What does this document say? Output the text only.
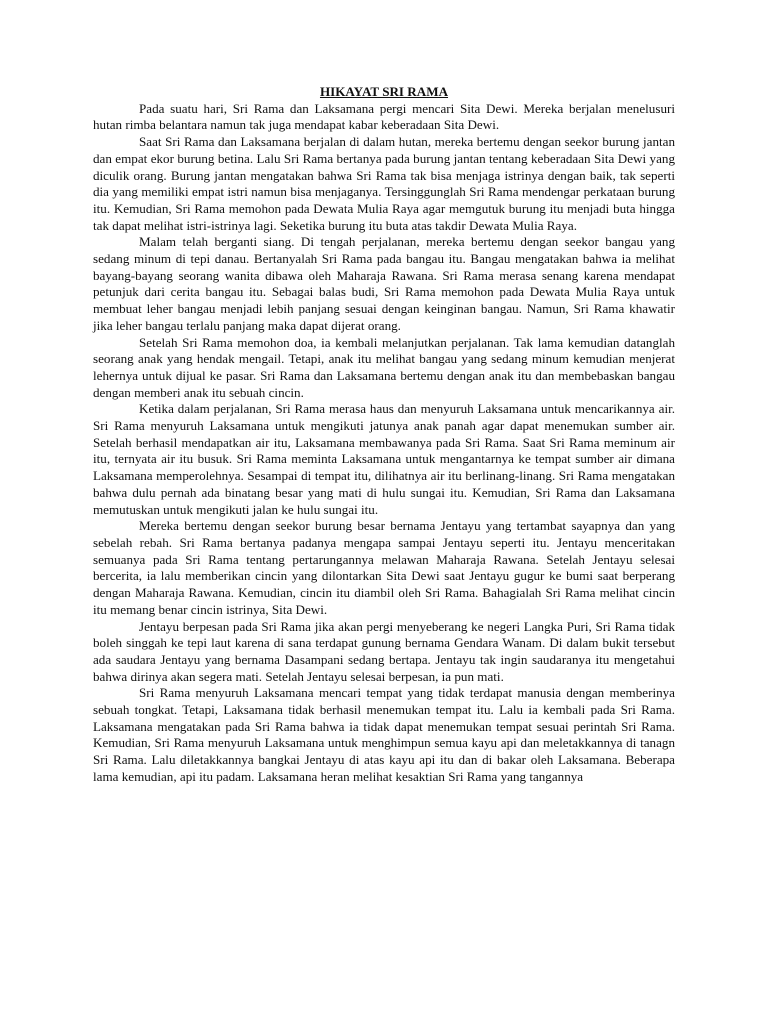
HIKAYAT SRI RAMA

Pada suatu hari, Sri Rama dan Laksamana pergi mencari Sita Dewi. Mereka berjalan menelusuri hutan rimba belantara namun tak juga mendapat kabar keberadaan Sita Dewi.

Saat Sri Rama dan Laksamana berjalan di dalam hutan, mereka bertemu dengan seekor burung jantan dan empat ekor burung betina. Lalu Sri Rama bertanya pada burung jantan tentang keberadaan Sita Dewi yang diculik orang. Burung jantan mengatakan bahwa Sri Rama tak bisa menjaga istrinya dengan baik, tak seperti dia yang memiliki empat istri namun bisa menjaganya. Tersinggunglah Sri Rama mendengar perkataan burung itu. Kemudian, Sri Rama memohon pada Dewata Mulia Raya agar memgutuk burung itu menjadi buta hingga tak dapat melihat istri-istrinya lagi. Seketika burung itu buta atas takdir Dewata Mulia Raya.

Malam telah berganti siang. Di tengah perjalanan, mereka bertemu dengan seekor bangau yang sedang minum di tepi danau. Bertanyalah Sri Rama pada bangau itu. Bangau mengatakan bahwa ia melihat bayang-bayang seorang wanita dibawa oleh Maharaja Rawana. Sri Rama merasa senang karena mendapat petunjuk dari cerita bangau itu. Sebagai balas budi, Sri Rama memohon pada Dewata Mulia Raya untuk membuat leher bangau menjadi lebih panjang sesuai dengan keinginan bangau. Namun, Sri Rama khawatir jika leher bangau terlalu panjang maka dapat dijerat orang.

Setelah Sri Rama memohon doa, ia kembali melanjutkan perjalanan. Tak lama kemudian datanglah seorang anak yang hendak mengail. Tetapi, anak itu melihat bangau yang sedang minum kemudian menjerat lehernya untuk dijual ke pasar. Sri Rama dan Laksamana bertemu dengan anak itu dan membebaskan bangau dengan memberi anak itu sebuah cincin.

Ketika dalam perjalanan, Sri Rama merasa haus dan menyuruh Laksamana untuk mencarikannya air. Sri Rama menyuruh Laksamana untuk mengikuti jatunya anak panah agar dapat menemukan sumber air. Setelah berhasil mendapatkan air itu, Laksamana membawanya pada Sri Rama. Saat Sri Rama meminum air itu, ternyata air itu busuk. Sri Rama meminta Laksamana untuk mengantarnya ke tempat sumber air dimana Laksamana memperolehnya. Sesampai di tempat itu, dilihatnya air itu berlinang-linang. Sri Rama mengatakan bahwa dulu pernah ada binatang besar yang mati di hulu sungai itu. Kemudian, Sri Rama dan Laksamana memutuskan untuk mengikuti jalan ke hulu sungai itu.

Mereka bertemu dengan seekor burung besar bernama Jentayu yang tertambat sayapnya dan yang sebelah rebah. Sri Rama bertanya padanya mengapa sampai Jentayu seperti itu. Jentayu menceritakan semuanya pada Sri Rama tentang pertarungannya melawan Maharaja Rawana. Setelah Jentayu selesai bercerita, ia lalu memberikan cincin yang dilontarkan Sita Dewi saat Jentayu gugur ke bumi saat berperang dengan Maharaja Rawana. Kemudian, cincin itu diambil oleh Sri Rama. Bahagialah Sri Rama melihat cincin itu memang benar cincin istrinya, Sita Dewi.

Jentayu berpesan pada Sri Rama jika akan pergi menyeberang ke negeri Langka Puri, Sri Rama tidak boleh singgah ke tepi laut karena di sana terdapat gunung bernama Gendara Wanam. Di dalam bukit tersebut ada saudara Jentayu yang bernama Dasampani sedang bertapa. Jentayu tak ingin saudaranya itu mengetahui bahwa dirinya akan segera mati. Setelah Jentayu selesai berpesan, ia pun mati.

Sri Rama menyuruh Laksamana mencari tempat yang tidak terdapat manusia dengan memberinya sebuah tongkat. Tetapi, Laksamana tidak berhasil menemukan tempat itu. Lalu ia kembali pada Sri Rama. Laksamana mengatakan pada Sri Rama bahwa ia tidak dapat menemukan tempat sesuai perintah Sri Rama. Kemudian, Sri Rama menyuruh Laksamana untuk menghimpun semua kayu api dan meletakkannya di tanagn Sri Rama. Lalu diletakkannya bangkai Jentayu di atas kayu api itu dan di bakar oleh Laksamana. Beberapa lama kemudian, api itu padam. Laksamana heran melihat kesaktian Sri Rama yang tangannya
